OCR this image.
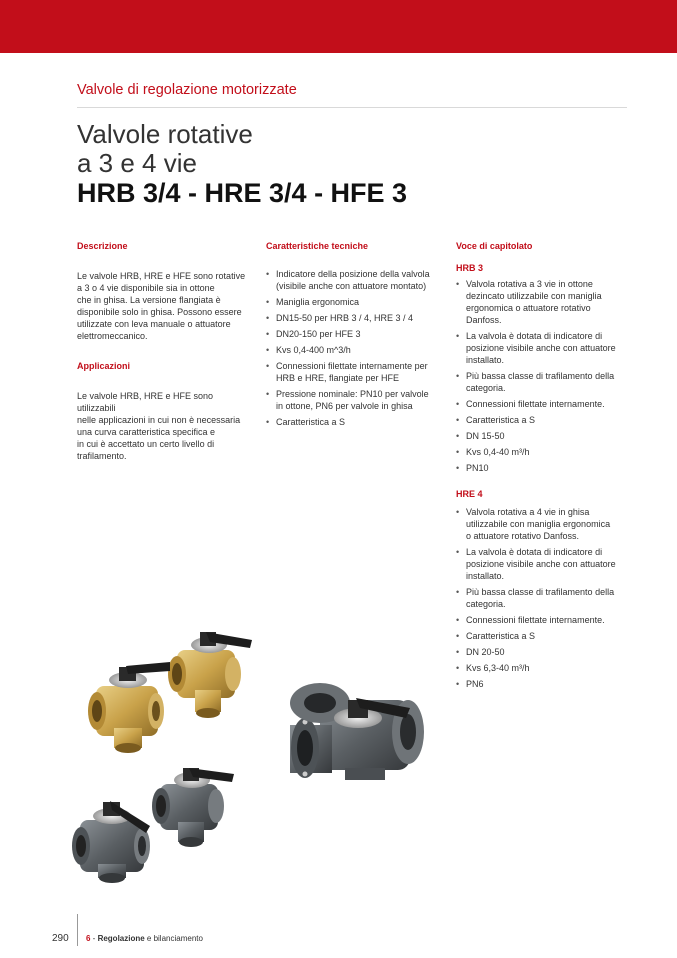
Valvole di regolazione motorizzate
Valvole rotative
a 3 e 4 vie
HRB 3/4 - HRE 3/4 - HFE 3
Descrizione
Le valvole HRB, HRE e HFE sono rotative
a 3 o 4 vie disponibile sia in ottone
che in ghisa. La versione flangiata è
disponibile solo in ghisa. Possono essere
utilizzate con leva manuale o attuatore
elettromeccanico.
Applicazioni
Le valvole HRB, HRE e HFE sono utilizzabili
nelle applicazioni in cui non è necessaria
una curva caratteristica specifica e
in cui è accettato un certo livello di
trafilamento.
Caratteristiche tecniche
• Indicatore della posizione della valvola
(visibile anche con attuatore montato)
• Maniglia ergonomica
• DN15-50 per HRB 3 / 4, HRE 3 / 4
• DN20-150 per HFE 3
• Kvs 0,4-400 m^3/h
• Connessioni filettate internamente per
HRB e HRE, flangiate per HFE
• Pressione nominale: PN10 per valvole
in ottone, PN6 per valvole in ghisa
• Caratteristica a S
Voce di capitolato
HRB 3
• Valvola rotativa a 3 vie in ottone
dezincato utilizzabile con maniglia
ergonomica o attuatore rotativo
Danfoss.
• La valvola è dotata di indicatore di
posizione visibile anche con attuatore
installato.
• Più bassa classe di trafilamento della
categoria.
• Connessioni filettate internamente.
• Caratteristica a S
• DN 15-50
• Kvs 0,4-40 m³/h
• PN10
HRE 4
• Valvola rotativa a 4 vie in ghisa
utilizzabile con maniglia ergonomica
o attuatore rotativo Danfoss.
• La valvola è dotata di indicatore di
posizione visibile anche con attuatore
installato.
• Più bassa classe di trafilamento della
categoria.
• Connessioni filettate internamente.
• Caratteristica a S
• DN 20-50
• Kvs 6,3-40 m³/h
• PN6
290 6 - Regolazione e bilanciamento
